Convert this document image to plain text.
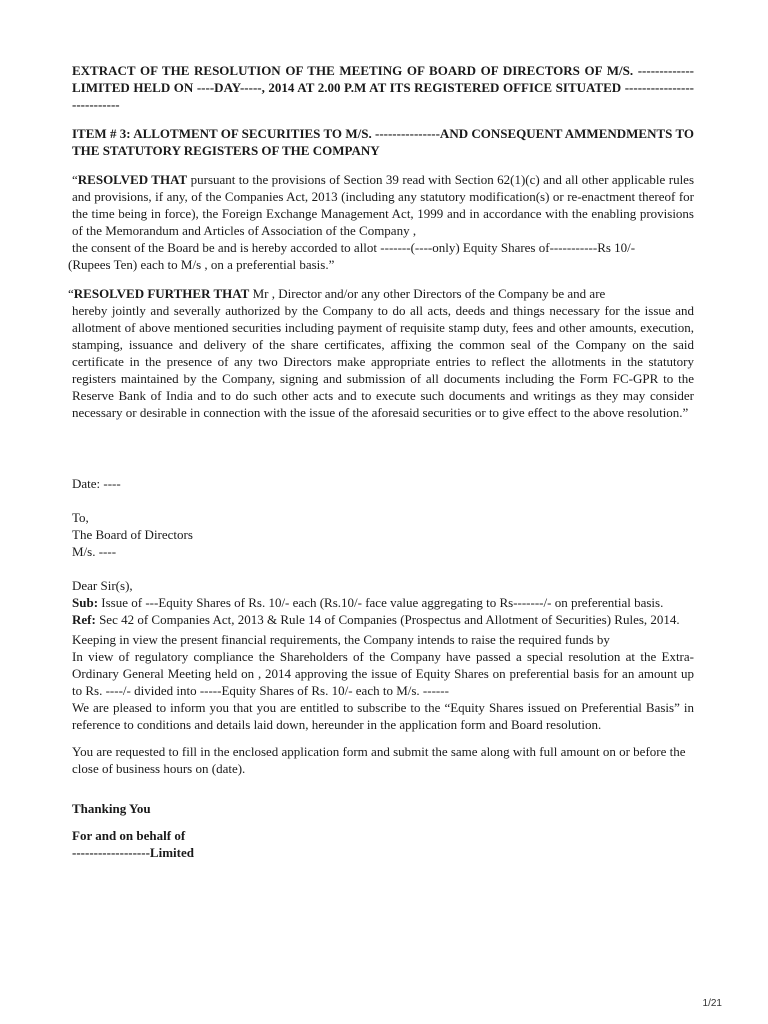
EXTRACT OF THE RESOLUTION OF THE MEETING OF BOARD OF DIRECTORS OF M/S. -------------LIMITED HELD ON ----DAY-----, 2014 AT 2.00 P.M AT ITS REGISTERED OFFICE SITUATED ---------------------------

ITEM # 3: ALLOTMENT OF SECURITIES TO M/S. ---------------AND CONSEQUENT AMMENDMENTS TO THE STATUTORY REGISTERS OF THE COMPANY

“RESOLVED THAT pursuant to the provisions of Section 39 read with Section 62(1)(c) and all other applicable rules and provisions, if any, of the Companies Act, 2013 (including any statutory modification(s) or re-enactment thereof for the time being in force), the Foreign Exchange Management Act, 1999 and in accordance with the enabling provisions of the Memorandum and Articles of Association of the Company ,
the consent of the Board be and is hereby accorded to allot -------(----only) Equity Shares of-----------Rs 10/-
(Rupees Ten) each to M/s , on a preferential basis.”

“RESOLVED FURTHER THAT Mr , Director and/or any other Directors of the Company be and are

hereby jointly and severally authorized by the Company to do all acts, deeds and things necessary for the issue and allotment of above mentioned securities including payment of requisite stamp duty, fees and other amounts, execution, stamping, issuance and delivery of the share certificates, affixing the common seal of the Company on the said certificate in the presence of any two Directors make appropriate entries to reflect the allotments in the statutory registers maintained by the Company, signing and submission of all documents including the Form FC-GPR to the Reserve Bank of India and to do such other acts and to execute such documents and writings as they may consider necessary or desirable in connection with the issue of the aforesaid securities or to give effect to the above resolution.”

Date: ----

To,

The Board of Directors

M/s. ----

Dear Sir(s),

Sub: Issue of ---Equity Shares of Rs. 10/- each (Rs.10/- face value aggregating to Rs-------/- on preferential basis.

Ref: Sec 42 of Companies Act, 2013 & Rule 14 of Companies (Prospectus and Allotment of Securities) Rules, 2014.

Keeping in view the present financial requirements, the Company intends to raise the required funds by

In view of regulatory compliance the Shareholders of the Company have passed a special resolution at the Extra-Ordinary General Meeting held on , 2014 approving the issue of Equity Shares on preferential basis for an amount up to Rs. ----/- divided into -----Equity Shares of Rs. 10/- each to M/s. ------

We are pleased to inform you that you are entitled to subscribe to the “Equity Shares issued on Preferential Basis” in reference to conditions and details laid down, hereunder in the application form and Board resolution.

You are requested to fill in the enclosed application form and submit the same along with full amount on or before the close of business hours on (date).

Thanking You

For and on behalf of

------------------Limited

1/21
